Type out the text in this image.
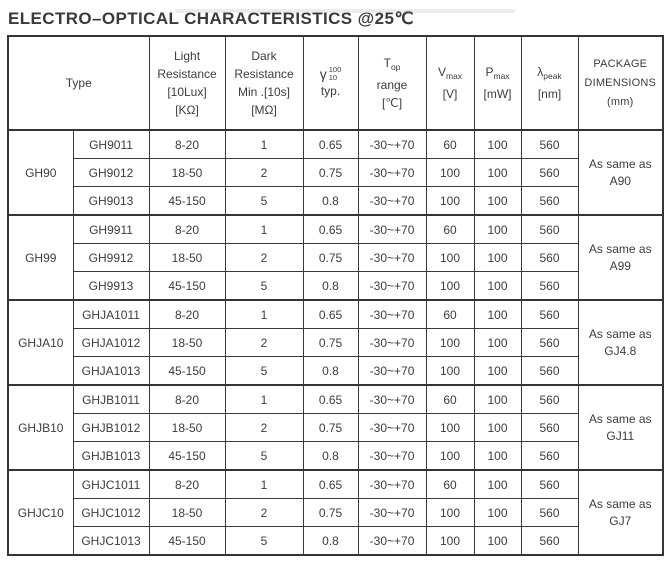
ELECTRO–OPTICAL CHARACTERISTICS @25℃
Type		Light
Resistance
[10Lux]
[KΩ]	Dark
Resistance
Min .[10s]
[MΩ]	γ 100
10
typ.	$T_{op}$
range
[℃]	$V_{max}$
[V]	$P_{max}$
[mW]	$\lambda_{peak}$
[nm]	PACKAGE
DIMENSIONS
(mm)

GH90	GH9011	8-20	1	0.65	-30~+70	60	100	560	As same as
A90

	GH9012	18-50	2	0.75	-30~+70	100	100	560	
	GH9013	45-150	5	0.8	-30~+70	100	100	560	
GH99	GH9911	8-20	1	0.65	-30~+70	60	100	560	As same as
A99

	GH9912	18-50	2	0.75	-30~+70	100	100	560	
	GH9913	45-150	5	0.8	-30~+70	100	100	560	
GHJA10	GHJA1011	8-20	1	0.65	-30~+70	60	100	560	As same as
GJ4.8

	GHJA1012	18-50	2	0.75	-30~+70	100	100	560	
	GHJA1013	45-150	5	0.8	-30~+70	100	100	560	
GHJB10	GHJB1011	8-20	1	0.65	-30~+70	60	100	560	As same as
GJ11

	GHJB1012	18-50	2	0.75	-30~+70	100	100	560	
	GHJB1013	45-150	5	0.8	-30~+70	100	100	560	
GHJC10	GHJC1011	8-20	1	0.65	-30~+70	60	100	560	As same as
GJ7

	GHJC1012	18-50	2	0.75	-30~+70	100	100	560	
	GHJC1013	45-150	5	0.8	-30~+70	100	100	560	
